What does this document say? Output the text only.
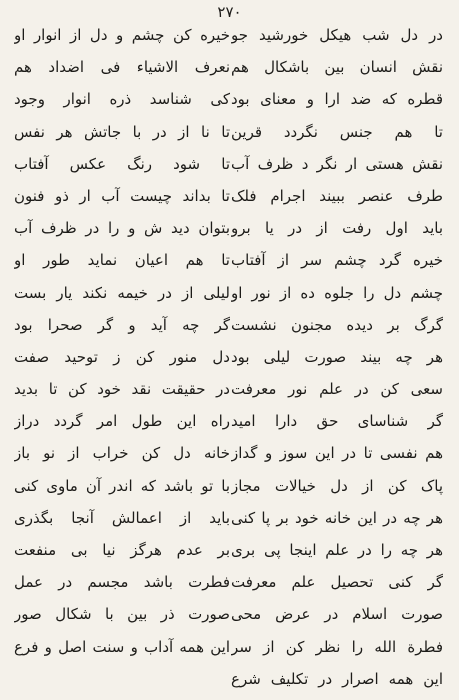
۲۷۰
در دل شب هیکل خورشید جو
نقش انسان بین باشکال هم
قطره که ضد ارا و معنای بود
تا هم جنس نگردد قرین
نقش هستی ار نگر د ظرف آب
طرف عنصر ببیند اجرام فلک
باید اول رفت از در یا برو
خیره گرد چشم سر از آفتاب
چشم دل را جلوه ده از نور او
گرگ بر دیده مجنون نشست
هر چه بیند صورت لیلی بود
سعی کن در علم نور معرفت
گر شناسای حق دارا امید
هم نفسی تا در این سوز و گداز
پاک کن از دل خیالات مجاز
هر چه در این خانه خود بر پا کنی
هر چه را در علم اینجا پی بری
گر کنی تحصیل علم معرفت
صورت اسلام در عرض محی
فطرة الله را نظر کن از سر
این همه اصرار در تکلیف شرع
خیره کن چشم و دل از انوار او
نعرف الاشیاء فی اضداد هم
کی شناسد ذره انوار وجود
تا نا از در با جاتش هر نفس
تا شود رنگ عکس آفتاب
تا بداند چیست آب ار ذو فنون
بتوان دید ش و را در ظرف آب
تا هم اعیان نماید طور او
لیلی از در خیمه نکند یار بست
گر چه آید و گر صحرا بود
دل منور کن ز توحید صفت
در حقیقت نقد خود کن تا بدید
راه این طول امر گردد دراز
خانه دل کن خراب از نو باز
با تو باشد که اندر آن ماوی کنی
باید از اعمالش آنجا بگذری
بر عدم هرگز نیا بی منفعت
فطرت باشد مجسم در عمل
صورت ذر بین با شکال صور
این همه آداب و سنت اصل و فرع
